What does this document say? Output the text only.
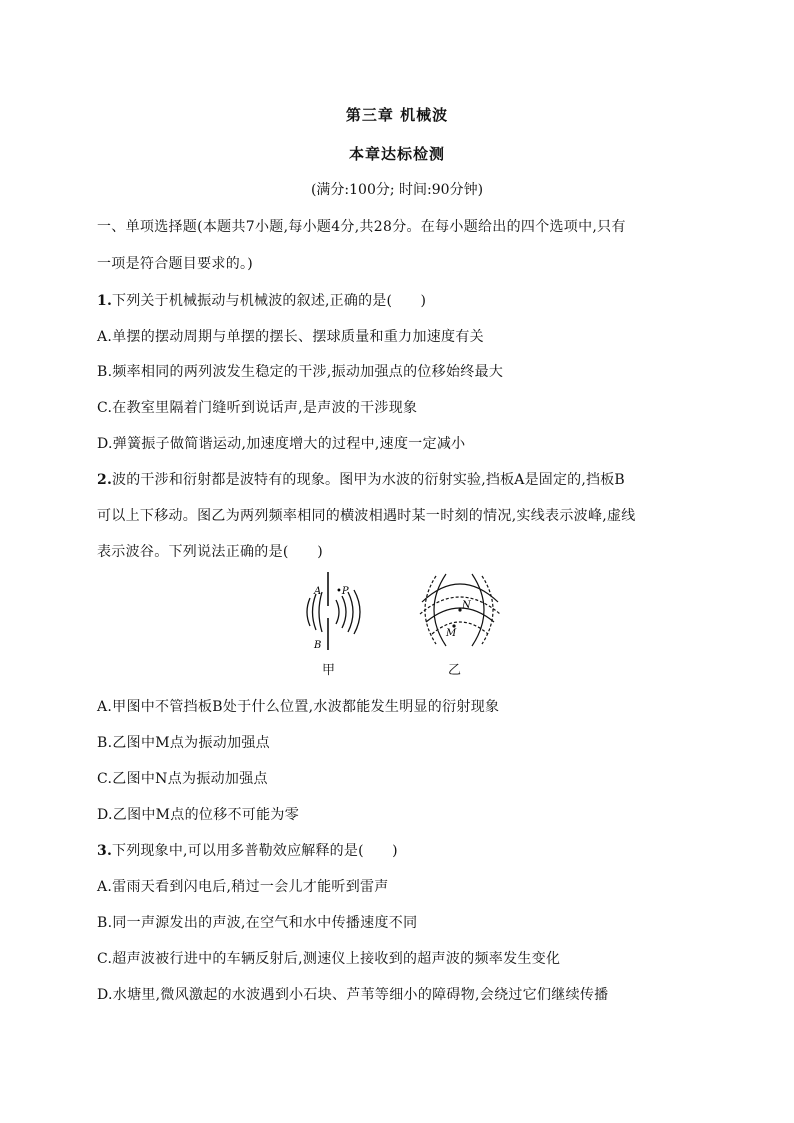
第三章 机械波
本章达标检测
(满分:100分; 时间:90分钟)
一、单项选择题(本题共7小题,每小题4分,共28分。在每小题给出的四个选项中,只有
一项是符合题目要求的。)
1.下列关于机械振动与机械波的叙述,正确的是(　　)
A.单摆的摆动周期与单摆的摆长、摆球质量和重力加速度有关
B.频率相同的两列波发生稳定的干涉,振动加强点的位移始终最大
C.在教室里隔着门缝听到说话声,是声波的干涉现象
D.弹簧振子做简谐运动,加速度增大的过程中,速度一定减小
2.波的干涉和衍射都是波特有的现象。图甲为水波的衍射实验,挡板A是固定的,挡板B
可以上下移动。图乙为两列频率相同的横波相遇时某一时刻的情况,实线表示波峰,虚线
表示波谷。下列说法正确的是(　　)
A •P
B
甲
N
M
乙
A.甲图中不管挡板B处于什么位置,水波都能发生明显的衍射现象
B.乙图中M点为振动加强点
C.乙图中N点为振动加强点
D.乙图中M点的位移不可能为零
3.下列现象中,可以用多普勒效应解释的是(　　)
A.雷雨天看到闪电后,稍过一会儿才能听到雷声
B.同一声源发出的声波,在空气和水中传播速度不同
C.超声波被行进中的车辆反射后,测速仪上接收到的超声波的频率发生变化
D.水塘里,微风激起的水波遇到小石块、芦苇等细小的障碍物,会绕过它们继续传播
